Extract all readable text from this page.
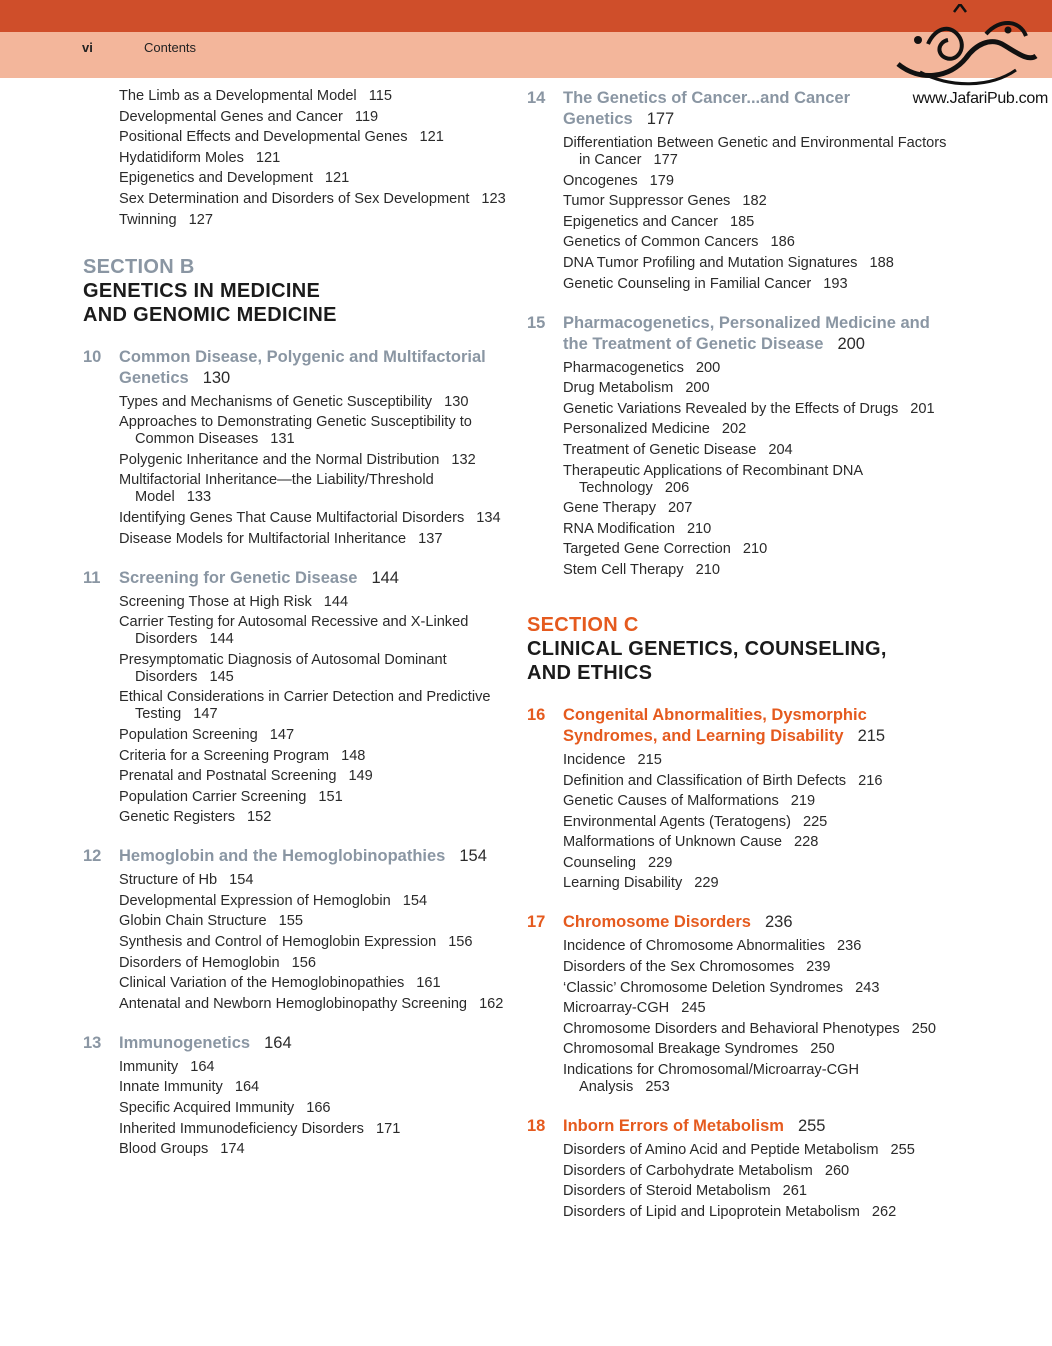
vi	Contents
www.JafariPub.com
The Limb as a Developmental Model 115
Developmental Genes and Cancer 119
Positional Effects and Developmental Genes 121
Hydatidiform Moles 121
Epigenetics and Development 121
Sex Determination and Disorders of Sex Development 123
Twinning 127
SECTION B
GENETICS IN MEDICINE
AND GENOMIC MEDICINE
10 Common Disease, Polygenic and Multifactorial Genetics 130
Types and Mechanisms of Genetic Susceptibility 130
Approaches to Demonstrating Genetic Susceptibility to Common Diseases 131
Polygenic Inheritance and the Normal Distribution 132
Multifactorial Inheritance—the Liability/Threshold Model 133
Identifying Genes That Cause Multifactorial Disorders 134
Disease Models for Multifactorial Inheritance 137
11 Screening for Genetic Disease 144
Screening Those at High Risk 144
Carrier Testing for Autosomal Recessive and X-Linked Disorders 144
Presymptomatic Diagnosis of Autosomal Dominant Disorders 145
Ethical Considerations in Carrier Detection and Predictive Testing 147
Population Screening 147
Criteria for a Screening Program 148
Prenatal and Postnatal Screening 149
Population Carrier Screening 151
Genetic Registers 152
12 Hemoglobin and the Hemoglobinopathies 154
Structure of Hb 154
Developmental Expression of Hemoglobin 154
Globin Chain Structure 155
Synthesis and Control of Hemoglobin Expression 156
Disorders of Hemoglobin 156
Clinical Variation of the Hemoglobinopathies 161
Antenatal and Newborn Hemoglobinopathy Screening 162
13 Immunogenetics 164
Immunity 164
Innate Immunity 164
Specific Acquired Immunity 166
Inherited Immunodeficiency Disorders 171
Blood Groups 174
14 The Genetics of Cancer...and Cancer Genetics 177
Differentiation Between Genetic and Environmental Factors in Cancer 177
Oncogenes 179
Tumor Suppressor Genes 182
Epigenetics and Cancer 185
Genetics of Common Cancers 186
DNA Tumor Profiling and Mutation Signatures 188
Genetic Counseling in Familial Cancer 193
15 Pharmacogenetics, Personalized Medicine and the Treatment of Genetic Disease 200
Pharmacogenetics 200
Drug Metabolism 200
Genetic Variations Revealed by the Effects of Drugs 201
Personalized Medicine 202
Treatment of Genetic Disease 204
Therapeutic Applications of Recombinant DNA Technology 206
Gene Therapy 207
RNA Modification 210
Targeted Gene Correction 210
Stem Cell Therapy 210
SECTION C
CLINICAL GENETICS, COUNSELING,
AND ETHICS
16 Congenital Abnormalities, Dysmorphic Syndromes, and Learning Disability 215
Incidence 215
Definition and Classification of Birth Defects 216
Genetic Causes of Malformations 219
Environmental Agents (Teratogens) 225
Malformations of Unknown Cause 228
Counseling 229
Learning Disability 229
17 Chromosome Disorders 236
Incidence of Chromosome Abnormalities 236
Disorders of the Sex Chromosomes 239
‘Classic’ Chromosome Deletion Syndromes 243
Microarray-CGH 245
Chromosome Disorders and Behavioral Phenotypes 250
Chromosomal Breakage Syndromes 250
Indications for Chromosomal/Microarray-CGH Analysis 253
18 Inborn Errors of Metabolism 255
Disorders of Amino Acid and Peptide Metabolism 255
Disorders of Carbohydrate Metabolism 260
Disorders of Steroid Metabolism 261
Disorders of Lipid and Lipoprotein Metabolism 262
